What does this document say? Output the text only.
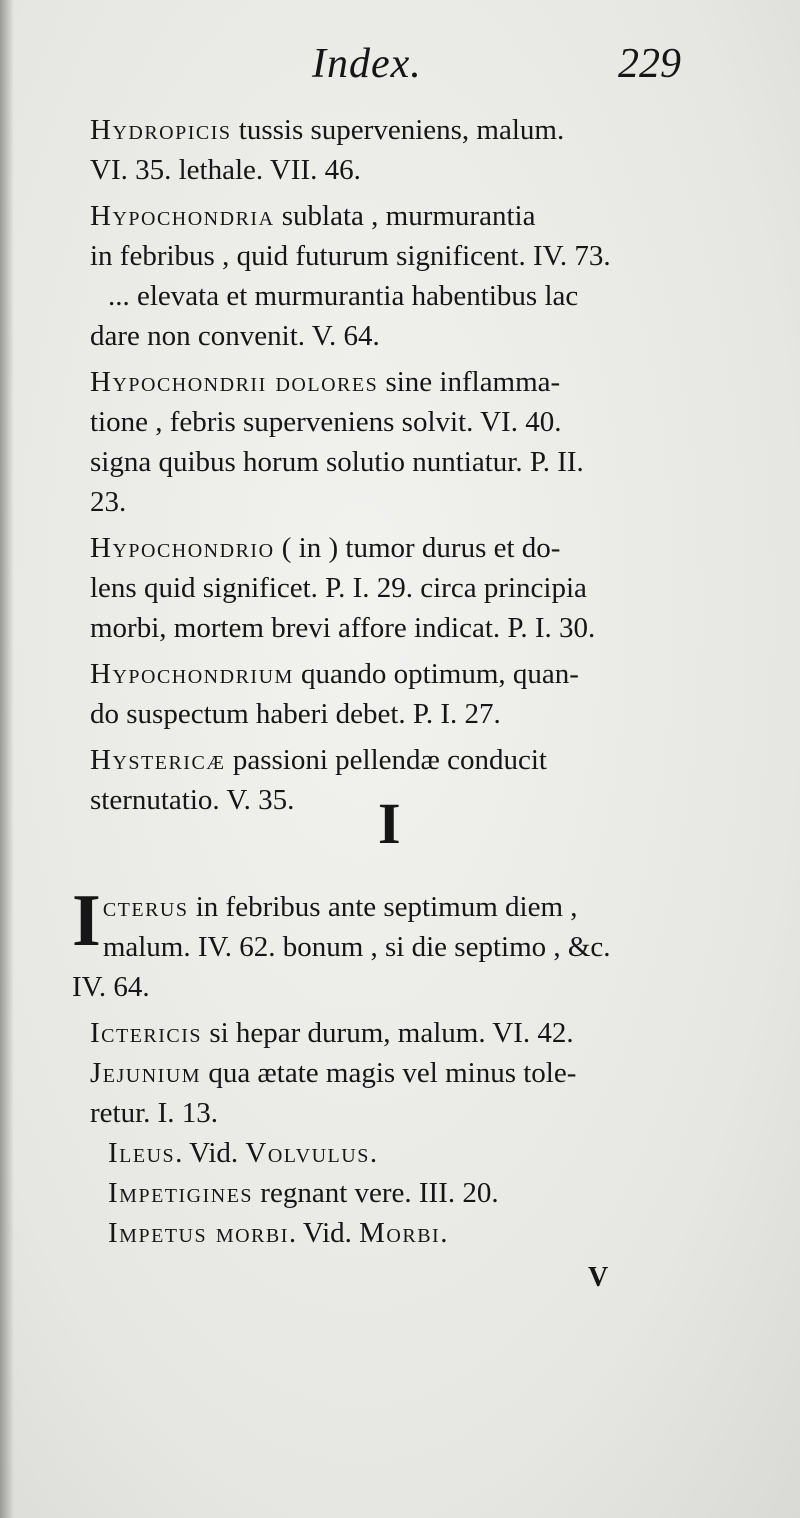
Index.	229
Hydropicis tussis superveniens, malum.
VI. 35. lethale. VII. 46.
Hypochondria sublata , murmurantia
in febribus , quid futurum significent. IV. 73.
... elevata et murmurantia habentibus lac
dare non convenit. V. 64.
Hypochondrii dolores sine inflamma-
tione , febris superveniens solvit. VI. 40.
signa quibus horum solutio nuntiatur. P. II.
23.
Hypochondrio ( in ) tumor durus et do-
lens quid significet. P. I. 29. circa principia
morbi, mortem brevi affore indicat. P. I. 30.
Hypochondrium quando optimum, quan-
do suspectum haberi debet. P. I. 27.
Hystericæ passioni pellendæ conducit
sternutatio. V. 35.	I
I cterus in febribus ante septimum diem ,
malum. IV. 62. bonum , si die septimo , &c.
IV. 64.
Ictericis si hepar durum, malum. VI. 42.
Jejunium qua ætate magis vel minus tole-
retur. I. 13.
Ileus. Vid. Volvulus.
Impetigines regnant vere. III. 20.
Impetus morbi. Vid. Morbi.
V
